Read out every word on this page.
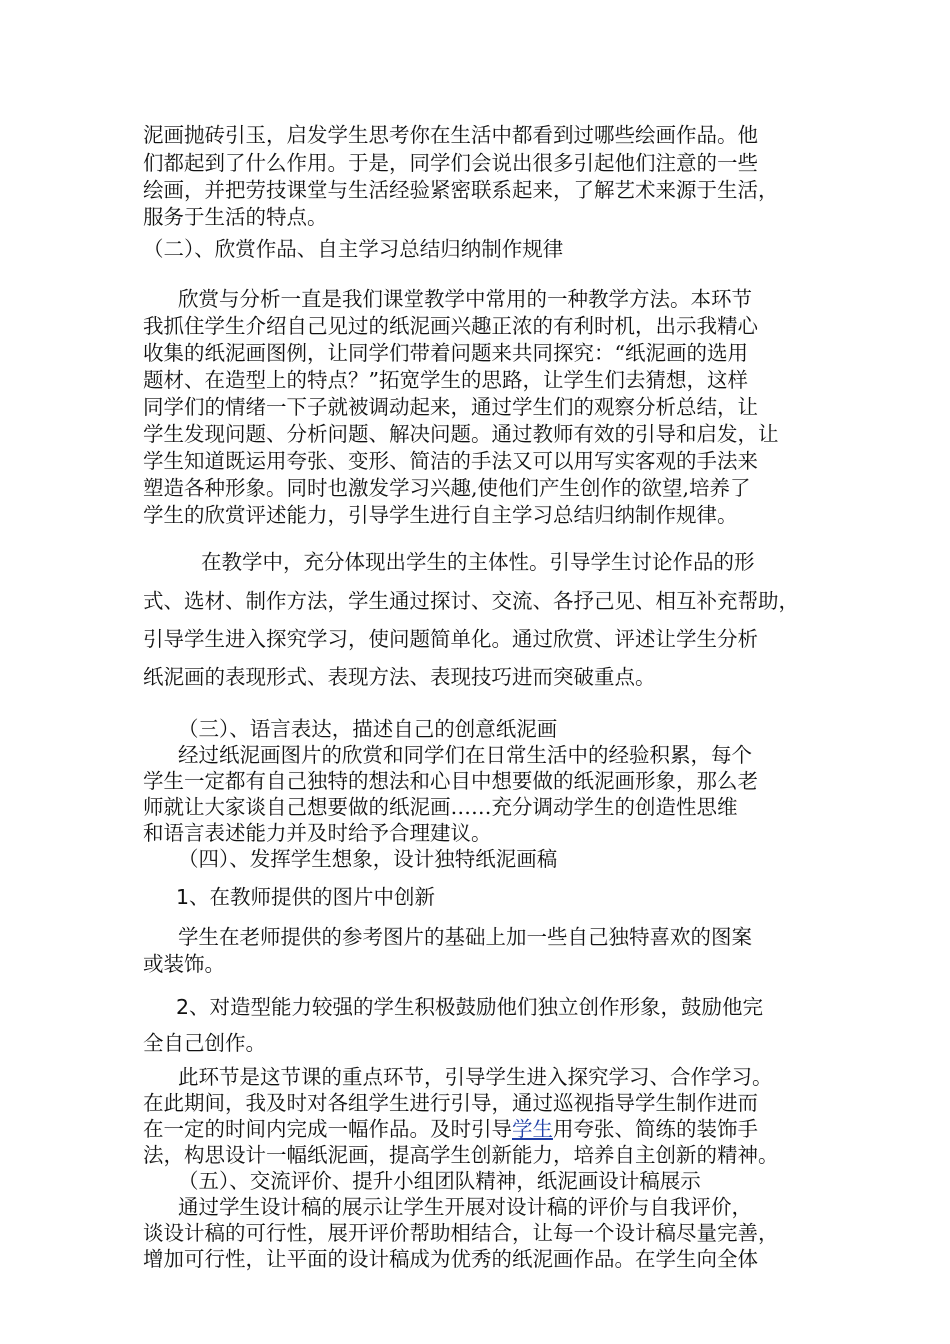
泥画抛砖引玉，启发学生思考你在生活中都看到过哪些绘画作品。他
们都起到了什么作用。于是，同学们会说出很多引起他们注意的一些
绘画，并把劳技课堂与生活经验紧密联系起来，了解艺术来源于生活，
服务于生活的特点。
（二）、欣赏作品、自主学习总结归纳制作规律
欣赏与分析一直是我们课堂教学中常用的一种教学方法。本环节
我抓住学生介绍自己见过的纸泥画兴趣正浓的有利时机，出示我精心
收集的纸泥画图例，让同学们带着问题来共同探究：“纸泥画的选用
题材、在造型上的特点？”拓宽学生的思路，让学生们去猜想，这样
同学们的情绪一下子就被调动起来，通过学生们的观察分析总结，让
学生发现问题、分析问题、解决问题。通过教师有效的引导和启发，让
学生知道既运用夸张、变形、简洁的手法又可以用写实客观的手法来
塑造各种形象。同时也激发学习兴趣,使他们产生创作的欲望,培养了
学生的欣赏评述能力，引导学生进行自主学习总结归纳制作规律。
在教学中，充分体现出学生的主体性。引导学生讨论作品的形
式、选材、制作方法，学生通过探讨、交流、各抒己见、相互补充帮助，
引导学生进入探究学习，使问题简单化。通过欣赏、评述让学生分析
纸泥画的表现形式、表现方法、表现技巧进而突破重点。
（三）、语言表达，描述自己的创意纸泥画
经过纸泥画图片的欣赏和同学们在日常生活中的经验积累，每个
学生一定都有自己独特的想法和心目中想要做的纸泥画形象，那么老
师就让大家谈自己想要做的纸泥画……充分调动学生的创造性思维
和语言表述能力并及时给予合理建议。
（四）、发挥学生想象，设计独特纸泥画稿
1、在教师提供的图片中创新
学生在老师提供的参考图片的基础上加一些自己独特喜欢的图案
或装饰。
2、对造型能力较强的学生积极鼓励他们独立创作形象，鼓励他完
全自己创作。
此环节是这节课的重点环节，引导学生进入探究学习、合作学习。
在此期间，我及时对各组学生进行引导，通过巡视指导学生制作进而
在一定的时间内完成一幅作品。及时引导学生用夸张、简练的装饰手
法，构思设计一幅纸泥画，提高学生创新能力，培养自主创新的精神。
（五）、交流评价、提升小组团队精神，纸泥画设计稿展示
通过学生设计稿的展示让学生开展对设计稿的评价与自我评价，
谈设计稿的可行性，展开评价帮助相结合，让每一个设计稿尽量完善，
增加可行性，让平面的设计稿成为优秀的纸泥画作品。在学生向全体
